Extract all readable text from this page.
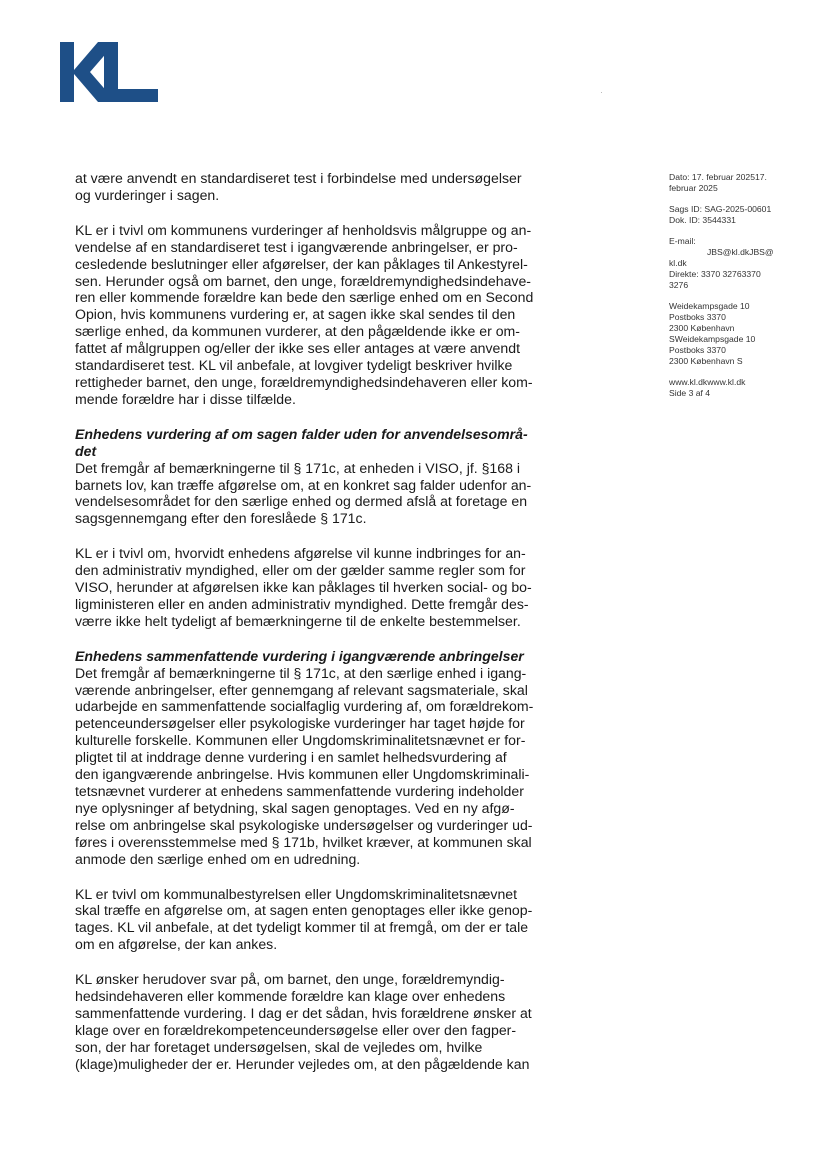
at være anvendt en standardiseret test i forbindelse med undersøgelser
og vurderinger i sagen.

KL er i tvivl om kommunens vurderinger af henholdsvis målgruppe og an-
vendelse af en standardiseret test i igangværende anbringelser, er pro-
cesledende beslutninger eller afgørelser, der kan påklages til Ankestyrel-
sen. Herunder også om barnet, den unge, forældremyndighedsindehave-
ren eller kommende forældre kan bede den særlige enhed om en Second
Opion, hvis kommunens vurdering er, at sagen ikke skal sendes til den
særlige enhed, da kommunen vurderer, at den pågældende ikke er om-
fattet af målgruppen og/eller der ikke ses eller antages at være anvendt
standardiseret test. KL vil anbefale, at lovgiver tydeligt beskriver hvilke
rettigheder barnet, den unge, forældremyndighedsindehaveren eller kom-
mende forældre har i disse tilfælde.

Enhedens vurdering af om sagen falder uden for anvendelsesområ-
det

Det fremgår af bemærkningerne til § 171c, at enheden i VISO, jf. §168 i
barnets lov, kan træffe afgørelse om, at en konkret sag falder udenfor an-
vendelsesområdet for den særlige enhed og dermed afslå at foretage en
sagsgennemgang efter den foreslåede § 171c.

KL er i tvivl om, hvorvidt enhedens afgørelse vil kunne indbringes for an-
den administrativ myndighed, eller om der gælder samme regler som for
VISO, herunder at afgørelsen ikke kan påklages til hverken social- og bo-
ligministeren eller en anden administrativ myndighed. Dette fremgår des-
værre ikke helt tydeligt af bemærkningerne til de enkelte bestemmelser.

Enhedens sammenfattende vurdering i igangværende anbringelser

Det fremgår af bemærkningerne til § 171c, at den særlige enhed i igang-
værende anbringelser, efter gennemgang af relevant sagsmateriale, skal
udarbejde en sammenfattende socialfaglig vurdering af, om forældrekom-
petenceundersøgelser eller psykologiske vurderinger har taget højde for
kulturelle forskelle. Kommunen eller Ungdomskriminalitetsnævnet er for-
pligtet til at inddrage denne vurdering i en samlet helhedsvurdering af
den igangværende anbringelse. Hvis kommunen eller Ungdomskriminali-
tetsnævnet vurderer at enhedens sammenfattende vurdering indeholder
nye oplysninger af betydning, skal sagen genoptages. Ved en ny afgø-
relse om anbringelse skal psykologiske undersøgelser og vurderinger ud-
føres i overensstemmelse med § 171b, hvilket kræver, at kommunen skal
anmode den særlige enhed om en udredning.

KL er tvivl om kommunalbestyrelsen eller Ungdomskriminalitetsnævnet
skal træffe en afgørelse om, at sagen enten genoptages eller ikke genop-
tages. KL vil anbefale, at det tydeligt kommer til at fremgå, om der er tale
om en afgørelse, der kan ankes.

KL ønsker herudover svar på, om barnet, den unge, forældremyndig-
hedsindehaveren eller kommende forældre kan klage over enhedens
sammenfattende vurdering. I dag er det sådan, hvis forældrene ønsker at
klage over en forældrekompetenceundersøgelse eller over den fagper-
son, der har foretaget undersøgelsen, skal de vejledes om, hvilke
(klage)muligheder der er. Herunder vejledes om, at den pågældende kan

Dato: 17. februar 202517.
februar 2025
Sags ID: SAG-2025-00601
Dok. ID: 3544331
E-mail:

JBS@kl.dkJBS@
kl.dk
Direkte: 3370 32763370
3276
Weidekampsgade 10
Postboks 3370
2300 København
SWeidekampsgade 10
Postboks 3370
2300 København S
www.kl.dkwww.kl.dk
Side 3 af 4
